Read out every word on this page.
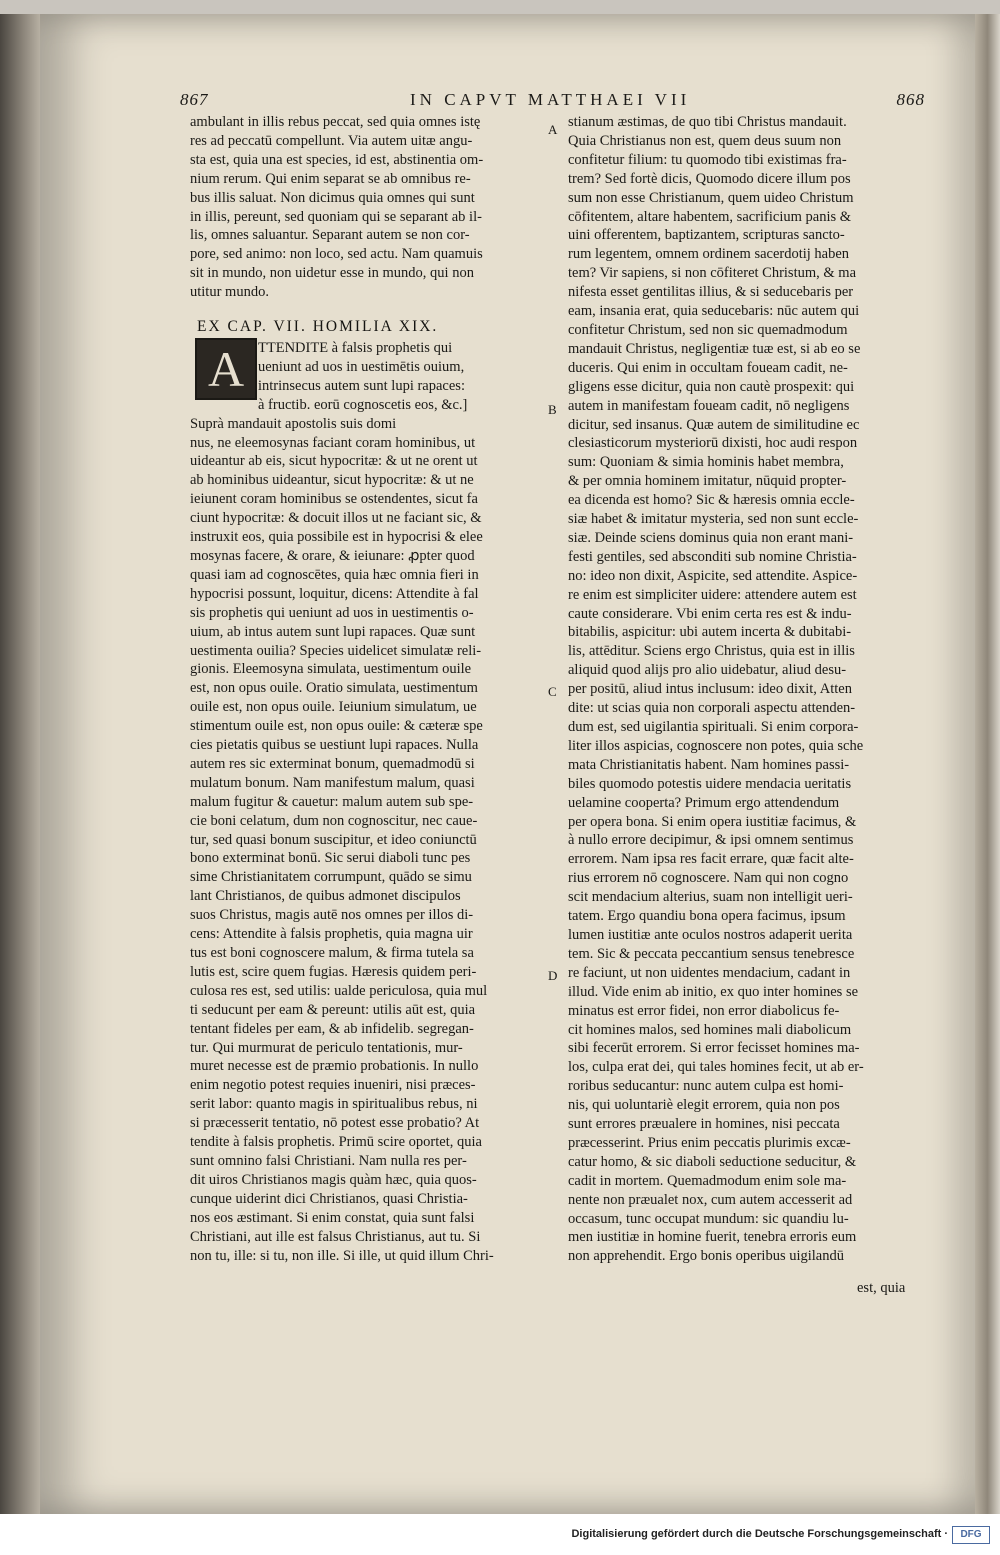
867	IN CAPVT MATTHAEI VII	868
ambulant in illis rebus peccat, sed quia omnes istę
res ad peccatū compellunt. Via autem uitæ angu-
sta est, quia una est species, id est, abstinentia om-
nium rerum. Qui enim separat se ab omnibus re-
bus illis saluat. Non dicimus quia omnes qui sunt
in illis, pereunt, sed quoniam qui se separant ab il-
lis, omnes saluantur. Separant autem se non cor-
pore, sed animo: non loco, sed actu. Nam quamuis
sit in mundo, non uidetur esse in mundo, qui non
utitur mundo.
EX CAP. VII. HOMILIA XIX.
A TTENDITE à falsis prophetis qui
ueniunt ad uos in uestimētis ouium,
intrinsecus autem sunt lupi rapaces:
à fructib. eorū cognoscetis eos, &c.]
Suprà mandauit apostolis suis domi
nus, ne eleemosynas faciant coram hominibus, ut
uideantur ab eis, sicut hypocritæ: & ut ne orent ut
ab hominibus uideantur, sicut hypocritæ: & ut ne
ieiunent coram hominibus se ostendentes, sicut fa
ciunt hypocritæ: & docuit illos ut ne faciant sic, &
instruxit eos, quia possibile est in hypocrisi & elee
mosynas facere, & orare, & ieiunare: ꝓpter quod
quasi iam ad cognoscētes, quia hæc omnia fieri in
hypocrisi possunt, loquitur, dicens: Attendite à fal
sis prophetis qui ueniunt ad uos in uestimentis o-
uium, ab intus autem sunt lupi rapaces. Quæ sunt
uestimenta ouilia? Species uidelicet simulatæ reli-
gionis. Eleemosyna simulata, uestimentum ouile
est, non opus ouile. Oratio simulata, uestimentum
ouile est, non opus ouile. Ieiunium simulatum, ue
stimentum ouile est, non opus ouile: & cæteræ spe
cies pietatis quibus se uestiunt lupi rapaces. Nulla
autem res sic exterminat bonum, quemadmodū si
mulatum bonum. Nam manifestum malum, quasi
malum fugitur & cauetur: malum autem sub spe-
cie boni celatum, dum non cognoscitur, nec caue-
tur, sed quasi bonum suscipitur, et ideo coniunctū
bono exterminat bonū. Sic serui diaboli tunc pes
sime Christianitatem corrumpunt, quādo se simu
lant Christianos, de quibus admonet discipulos
suos Christus, magis autē nos omnes per illos di-
cens: Attendite à falsis prophetis, quia magna uir
tus est boni cognoscere malum, & firma tutela sa
lutis est, scire quem fugias. Hæresis quidem peri-
culosa res est, sed utilis: ualde periculosa, quia mul
ti seducunt per eam & pereunt: utilis aūt est, quia
tentant fideles per eam, & ab infidelib. segregan-
tur. Qui murmurat de periculo tentationis, mur-
muret necesse est de præmio probationis. In nullo
enim negotio potest requies inueniri, nisi præces-
serit labor: quanto magis in spiritualibus rebus, ni
si præcesserit tentatio, nō potest esse probatio? At
tendite à falsis prophetis. Primū scire oportet, quia
sunt omnino falsi Christiani. Nam nulla res per-
dit uiros Christianos magis quàm hæc, quia quos-
cunque uiderint dici Christianos, quasi Christia-
nos eos æstimant. Si enim constat, quia sunt falsi
Christiani, aut ille est falsus Christianus, aut tu. Si
non tu, ille: si tu, non ille. Si ille, ut quid illum Chri-
stianum æstimas, de quo tibi Christus mandauit.
Quia Christianus non est, quem deus suum non
confitetur filium: tu quomodo tibi existimas fra-
trem? Sed fortè dicis, Quomodo dicere illum pos
sum non esse Christianum, quem uideo Christum
cōfitentem, altare habentem, sacrificium panis &
uini offerentem, baptizantem, scripturas sancto-
rum legentem, omnem ordinem sacerdotij haben
tem? Vir sapiens, si non cōfiteret Christum, & ma
nifesta esset gentilitas illius, & si seducebaris per
eam, insania erat, quia seducebaris: nūc autem qui
confitetur Christum, sed non sic quemadmodum
mandauit Christus, negligentiæ tuæ est, si ab eo se
duceris. Qui enim in occultam foueam cadit, ne-
gligens esse dicitur, quia non cautè prospexit: qui
autem in manifestam foueam cadit, nō negligens
dicitur, sed insanus. Quæ autem de similitudine ec
clesiasticorum mysteriorū dixisti, hoc audi respon
sum: Quoniam & simia hominis habet membra,
& per omnia hominem imitatur, nūquid propter-
ea dicenda est homo? Sic & hæresis omnia eccle-
siæ habet & imitatur mysteria, sed non sunt eccle-
siæ. Deinde sciens dominus quia non erant mani-
festi gentiles, sed absconditi sub nomine Christia-
no: ideo non dixit, Aspicite, sed attendite. Aspice-
re enim est simpliciter uidere: attendere autem est
caute considerare. Vbi enim certa res est & indu-
bitabilis, aspicitur: ubi autem incerta & dubitabi-
lis, attēditur. Sciens ergo Christus, quia est in illis
aliquid quod alijs pro alio uidebatur, aliud desu-
per positū, aliud intus inclusum: ideo dixit, Atten
dite: ut scias quia non corporali aspectu attenden-
dum est, sed uigilantia spirituali. Si enim corpora-
liter illos aspicias, cognoscere non potes, quia sche
mata Christianitatis habent. Nam homines passi-
biles quomodo potestis uidere mendacia ueritatis
uelamine cooperta? Primum ergo attendendum
per opera bona. Si enim opera iustitiæ facimus, &
à nullo errore decipimur, & ipsi omnem sentimus
errorem. Nam ipsa res facit errare, quæ facit alte-
rius errorem nō cognoscere. Nam qui non cogno
scit mendacium alterius, suam non intelligit ueri-
tatem. Ergo quandiu bona opera facimus, ipsum
lumen iustitiæ ante oculos nostros adaperit uerita
tem. Sic & peccata peccantium sensus tenebresce
re faciunt, ut non uidentes mendacium, cadant in
illud. Vide enim ab initio, ex quo inter homines se
minatus est error fidei, non error diabolicus fe-
cit homines malos, sed homines mali diabolicum
sibi fecerūt errorem. Si error fecisset homines ma-
los, culpa erat dei, qui tales homines fecit, ut ab er-
roribus seducantur: nunc autem culpa est homi-
nis, qui uoluntariè elegit errorem, quia non pos
sunt errores præualere in homines, nisi peccata
præcesserint. Prius enim peccatis plurimis excæ-
catur homo, & sic diaboli seductione seducitur, &
cadit in mortem. Quemadmodum enim sole ma-
nente non præualet nox, cum autem accesserit ad
occasum, tunc occupat mundum: sic quandiu lu-
men iustitiæ in homine fuerit, tenebra erroris eum
non apprehendit. Ergo bonis operibus uigilandū
A
B
C
D
est, quia
Digitalisierung gefördert durch die Deutsche Forschungsgemeinschaft ·	DFG
